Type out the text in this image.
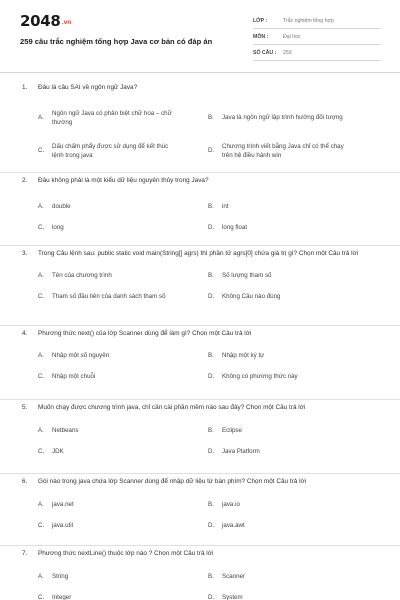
2048.vn
259 câu trắc nghiệm tổng hợp Java cơ bản có đáp án
LỚP :	Trắc nghiệm tổng hợp
MÔN :	Đại học
SỐ CÂU :	259
1.	Đâu là câu SAI về ngôn ngữ Java?
A.
Ngôn ngữ Java có phân biệt chữ hoa – chữ thường
B.	Java là ngôn ngữ lập trình hướng đối tượng
C.
Dấu chấm phẩy được sử dụng để kết thúc lệnh trong java
D.
Chương trình viết bằng Java chỉ có thể chạy trên hệ điều hành win
2.	Đâu không phải là một kiểu dữ liệu nguyên thủy trong Java?
A.	double	B.	int
C.	long	D.	long float
3.	Trong Câu lệnh sau: public static void main(String[] agrs) thì phần tử agrs[0] chứa giá trị gì? Chọn một Câu trả lời
A.	Tên của chương trình	B.	Số lượng tham số
C.	Tham số đầu tiên của danh sách tham số	D.	Không Câu nào đúng
4.	Phương thức next() của lớp Scanner dùng để làm gì? Chọn một Câu trả lời
A.	Nhập một số nguyên	B.	Nhập một ký tự
C.	Nhập một chuỗi	D.	Không có phương thức này
5.	Muốn chạy được chương trình java, chỉ cần cài phần mềm nào sau đây? Chọn một Câu trả lời
A.	Netbeans	B.	Eclipse
C.	JDK	D.	Java Platform
6.	Gói nào trong java chứa lớp Scanner dùng để nhập dữ liệu từ bàn phím? Chọn một Câu trả lời
A.	java.net	B.	java.io
C.	java.util	D.	java.awt
7.	Phương thức nextLine() thuộc lớp nào ? Chọn một Câu trả lời
A.	String	B.	Scanner
C.	Integer	D.	System
